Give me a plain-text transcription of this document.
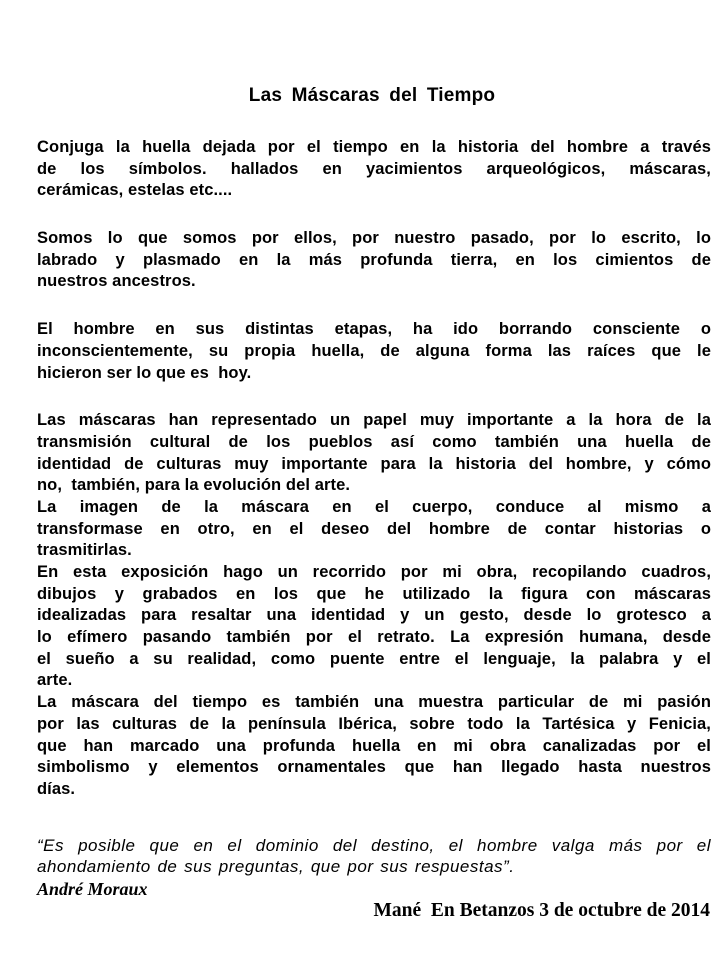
Las Máscaras del Tiempo

Conjuga la huella dejada por el tiempo en la historia del hombre a través
de los símbolos. hallados en yacimientos arqueológicos, máscaras,
cerámicas, estelas etc....

Somos lo que somos por ellos, por nuestro pasado, por lo escrito, lo
labrado y plasmado en la más profunda tierra, en los cimientos de
nuestros ancestros.

El hombre en sus distintas etapas, ha ido borrando consciente o
inconscientemente, su propia huella, de alguna forma las raíces que le
hicieron ser lo que es  hoy.

Las máscaras han representado un papel muy importante a la hora de la
transmisión cultural de los pueblos así como también una huella de
identidad de culturas muy importante para la historia del hombre, y cómo
no,  también, para la evolución del arte.

La imagen de la máscara en el cuerpo, conduce al mismo a
transformase en otro, en el deseo del hombre de contar historias o
trasmitirlas.

En esta exposición hago un recorrido por mi obra, recopilando cuadros,
dibujos y grabados en los que he utilizado la figura con máscaras
idealizadas para resaltar una identidad y un gesto, desde lo grotesco a
lo efímero pasando también por el retrato. La expresión humana, desde
el sueño a su realidad, como puente entre el lenguaje, la palabra y el
arte.

La máscara del tiempo es también una muestra particular de mi pasión
por las culturas de la península Ibérica, sobre todo la Tartésica y Fenicia,
que han marcado una profunda huella en mi obra canalizadas por el
simbolismo y elementos ornamentales que han llegado hasta nuestros
días.

“Es posible que en el dominio del destino, el hombre valga más por el
ahondamiento de sus preguntas, que por sus respuestas”.
André Moraux
Mané  En Betanzos 3 de octubre de 2014
